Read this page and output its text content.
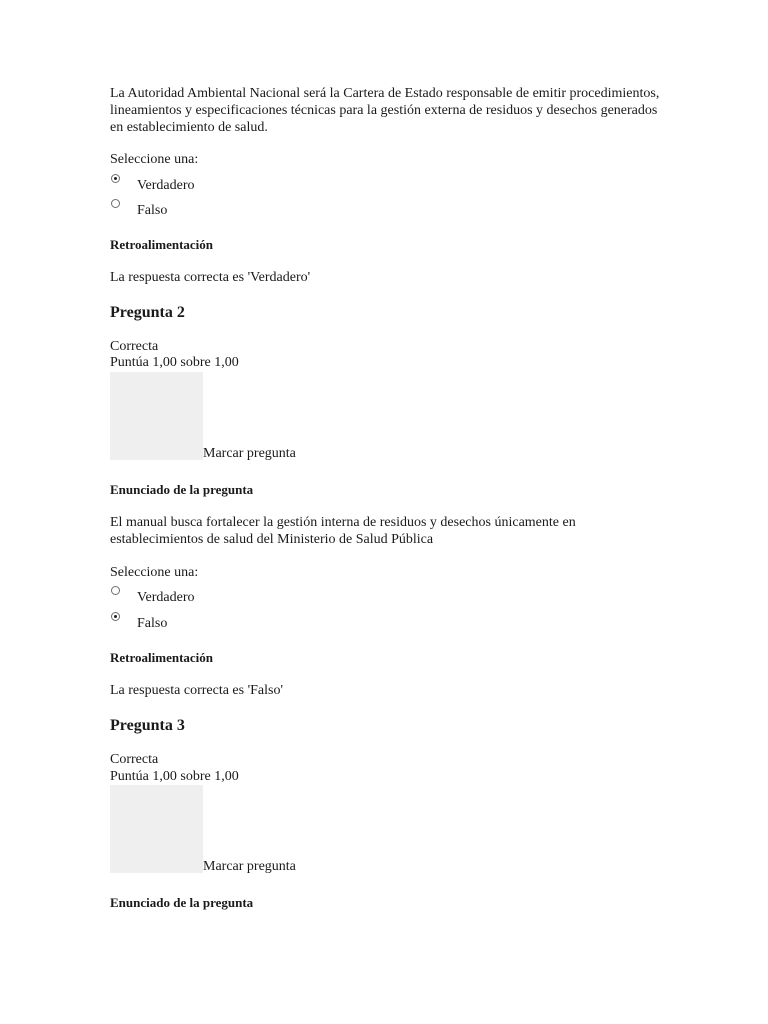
La Autoridad Ambiental Nacional será la Cartera de Estado responsable de emitir procedimientos, lineamientos y especificaciones técnicas para la gestión externa de residuos y desechos generados en establecimiento de salud.

Seleccione una:
Verdadero
Falso
Retroalimentación
La respuesta correcta es 'Verdadero'
Pregunta 2
Correcta
Puntúa 1,00 sobre 1,00
Marcar pregunta
Enunciado de la pregunta

El manual busca fortalecer la gestión interna de residuos y desechos únicamente en establecimientos de salud del Ministerio de Salud Pública

Seleccione una:
Verdadero
Falso
Retroalimentación
La respuesta correcta es 'Falso'
Pregunta 3
Correcta
Puntúa 1,00 sobre 1,00
Marcar pregunta
Enunciado de la pregunta
